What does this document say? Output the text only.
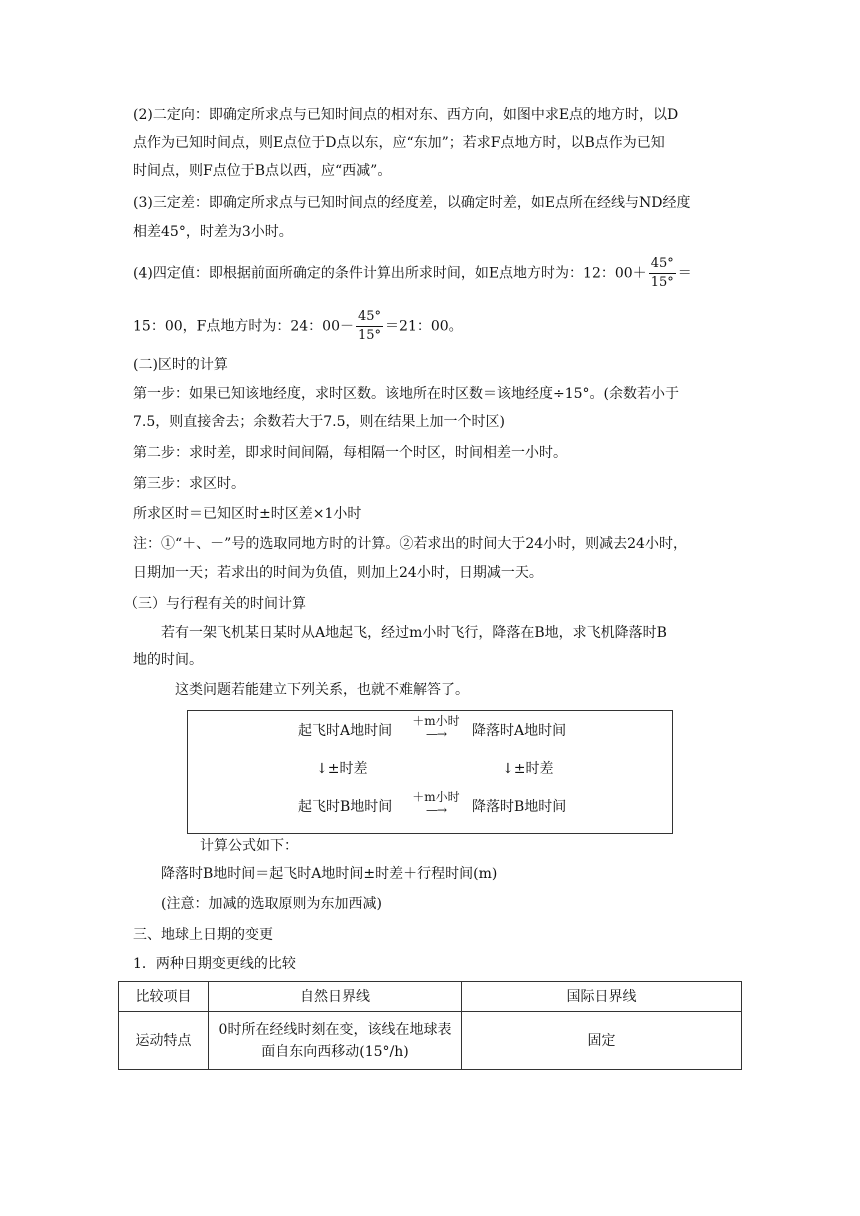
(2)二定向：即确定所求点与已知时间点的相对东、西方向，如图中求E点的地方时，以D
点作为已知时间点，则E点位于D点以东，应“东加”；若求F点地方时，以B点作为已知
时间点，则F点位于B点以西，应“西减”。
(3)三定差：即确定所求点与已知时间点的经度差，以确定时差，如E点所在经线与ND经度
相差45°，时差为3小时。
(4)四定值：即根据前面所确定的条件计算出所求时间，如E点地方时为：12：$00+ \frac{45^\circ}{15^\circ}$ ＝
15：00，F点地方时为：24：$00- \frac{45^\circ}{15^\circ} =21$：00。
(二)区时的计算
第一步：如果已知该地经度，求时区数。该地所在时区数＝该地经度÷15°。(余数若小于
7.5，则直接舍去；余数若大于7.5，则在结果上加一个时区)
第二步：求时差，即求时间间隔，每相隔一个时区，时间相差一小时。
第三步：求区时。
所求区时＝已知区时±时区差×1小时
注：①“＋、－”号的选取同地方时的计算。②若求出的时间大于24小时，则减去24小时，
日期加一天；若求出的时间为负值，则加上24小时，日期减一天。
（三）与行程有关的时间计算
若有一架飞机某日某时从A地起飞，经过m小时飞行，降落在B地，求飞机降落时B
地的时间。
这类问题若能建立下列关系，也就不难解答了。
起飞时A地时间
＋m小时
—→	降落时A地时间
↓±时差	↓±时差
起飞时B地时间
＋m小时
—→	降落时B地时间
计算公式如下：
降落时B地时间＝起飞时A地时间±时差＋行程时间(m)
(注意：加减的选取原则为东加西减)
三、地球上日期的变更
1．两种日期变更线的比较
比较项目	自然日界线	国际日界线
运动特点	0时所在经线时刻在变，该线在地球表面自东向西移动(15°/h)	固定
